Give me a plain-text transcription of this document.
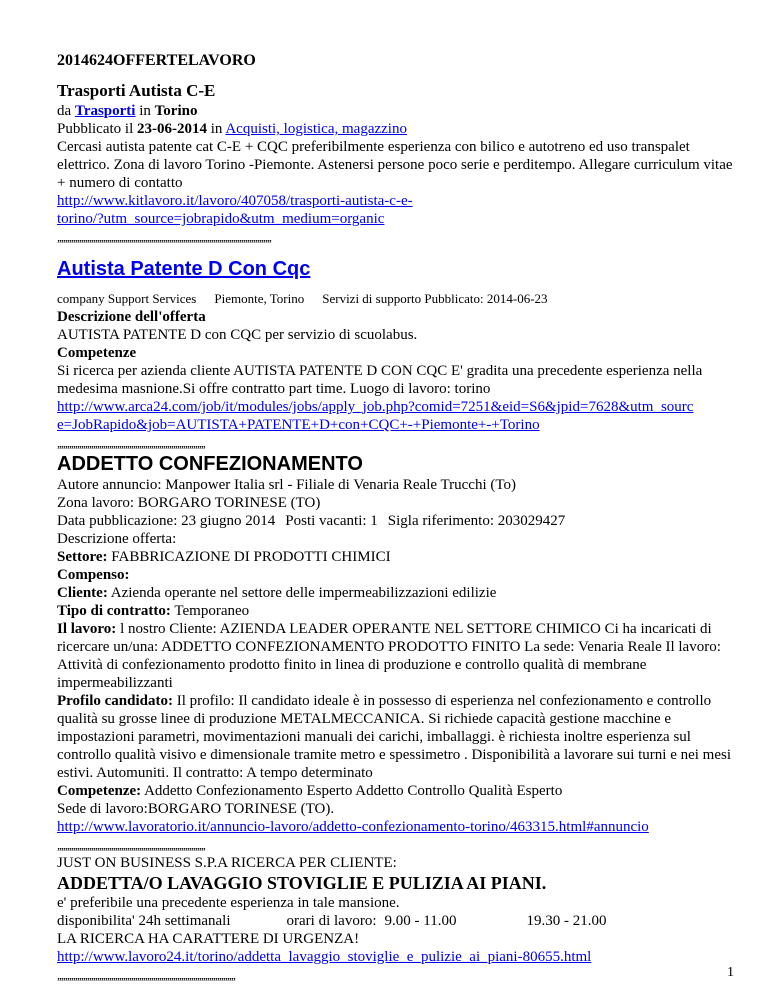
2014624OFFERTELAVORO

Trasporti Autista C-E

da Trasporti in Torino

Pubblicato il 23-06-2014 in Acquisti, logistica, magazzino

Cercasi autista patente cat C-E + CQC preferibilmente esperienza con bilico e autotreno ed uso transpalet elettrico. Zona di lavoro Torino -Piemonte. Astenersi persone poco serie e perditempo. Allegare curriculum vitae + numero di contatto

http://www.kitlavoro.it/lavoro/407058/trasporti-autista-c-e-
torino/?utm_source=jobrapido&utm_medium=organic

,,,,,,,,,,,,,,,,,,,,,,,,,,,,,,,,,,,,,,,,,,,,,,,,,,,,,,,,,,,,,,,,,,,,,,,,,,,,,,,,,,,,,,,,,,,,,,,,,,,,,,,,,,,

Autista Patente D Con Cqc

company Support Services Piemonte, Torino Servizi di supporto Pubblicato: 2014-06-23

Descrizione dell'offerta

AUTISTA PATENTE D con CQC per servizio di scuolabus.

Competenze

Si ricerca per azienda cliente AUTISTA PATENTE D CON CQC E' gradita una precedente esperienza nella medesima masnione.Si offre contratto part time. Luogo di lavoro: torino

http://www.arca24.com/job/it/modules/jobs/apply_job.php?comid=7251&eid=S6&jpid=7628&utm_sourc
e=JobRapido&job=AUTISTA+PATENTE+D+con+CQC+-+Piemonte+-+Torino

,,,,,,,,,,,,,,,,,,,,,,,,,,,,,,,,,,,,,,,,,,,,,,,,,,,,,,,,,,,,,,,,,,,,,,,,,,

ADDETTO CONFEZIONAMENTO

Autore annuncio: Manpower Italia srl - Filiale di Venaria Reale Trucchi (To)

Zona lavoro: BORGARO TORINESE (TO)

Data pubblicazione: 23 giugno 2014 Posti vacanti: 1 Sigla riferimento: 203029427

Descrizione offerta:

Settore: FABBRICAZIONE DI PRODOTTI CHIMICI

Compenso:

Cliente: Azienda operante nel settore delle impermeabilizzazioni edilizie

Tipo di contratto: Temporaneo

Il lavoro: l nostro Cliente: AZIENDA LEADER OPERANTE NEL SETTORE CHIMICO Ci ha incaricati di ricercare un/una: ADDETTO CONFEZIONAMENTO PRODOTTO FINITO La sede: Venaria Reale Il lavoro: Attività di confezionamento prodotto finito in linea di produzione e controllo qualità di membrane impermeabilizzanti

Profilo candidato: Il profilo: Il candidato ideale è in possesso di esperienza nel confezionamento e controllo qualità su grosse linee di produzione METALMECCANICA. Si richiede capacità gestione macchine e impostazioni parametri, movimentazioni manuali dei carichi, imballaggi. è richiesta inoltre esperienza sul controllo qualità visivo e dimensionale tramite metro e spessimetro . Disponibilità a lavorare sui turni e nei mesi estivi. Automuniti. Il contratto: A tempo determinato

Competenze: Addetto Confezionamento Esperto Addetto Controllo Qualità Esperto

Sede di lavoro:BORGARO TORINESE (TO).

http://www.lavoratorio.it/annuncio-lavoro/addetto-confezionamento-torino/463315.html#annuncio

,,,,,,,,,,,,,,,,,,,,,,,,,,,,,,,,,,,,,,,,,,,,,,,,,,,,,,,,,,,,,,,,,,,,,,,,,,

JUST ON BUSINESS S.P.A RICERCA PER CLIENTE:

ADDETTA/O LAVAGGIO STOVIGLIE E PULIZIA AI PIANI.

e' preferibile una precedente esperienza in tale mansione.

disponibilita' 24h settimanali	orari di lavoro: 9.00 - 11.00	19.30 - 21.00

LA RICERCA HA CARATTERE DI URGENZA!

http://www.lavoro24.it/torino/addetta_lavaggio_stoviglie_e_pulizie_ai_piani-80655.html

,,,,,,,,,,,,,,,,,,,,,,,,,,,,,,,,,,,,,,,,,,,,,,,,,,,,,,,,,,,,,,,,,,,,,,,,,,,,,,,,,,,,,,,,,	1
